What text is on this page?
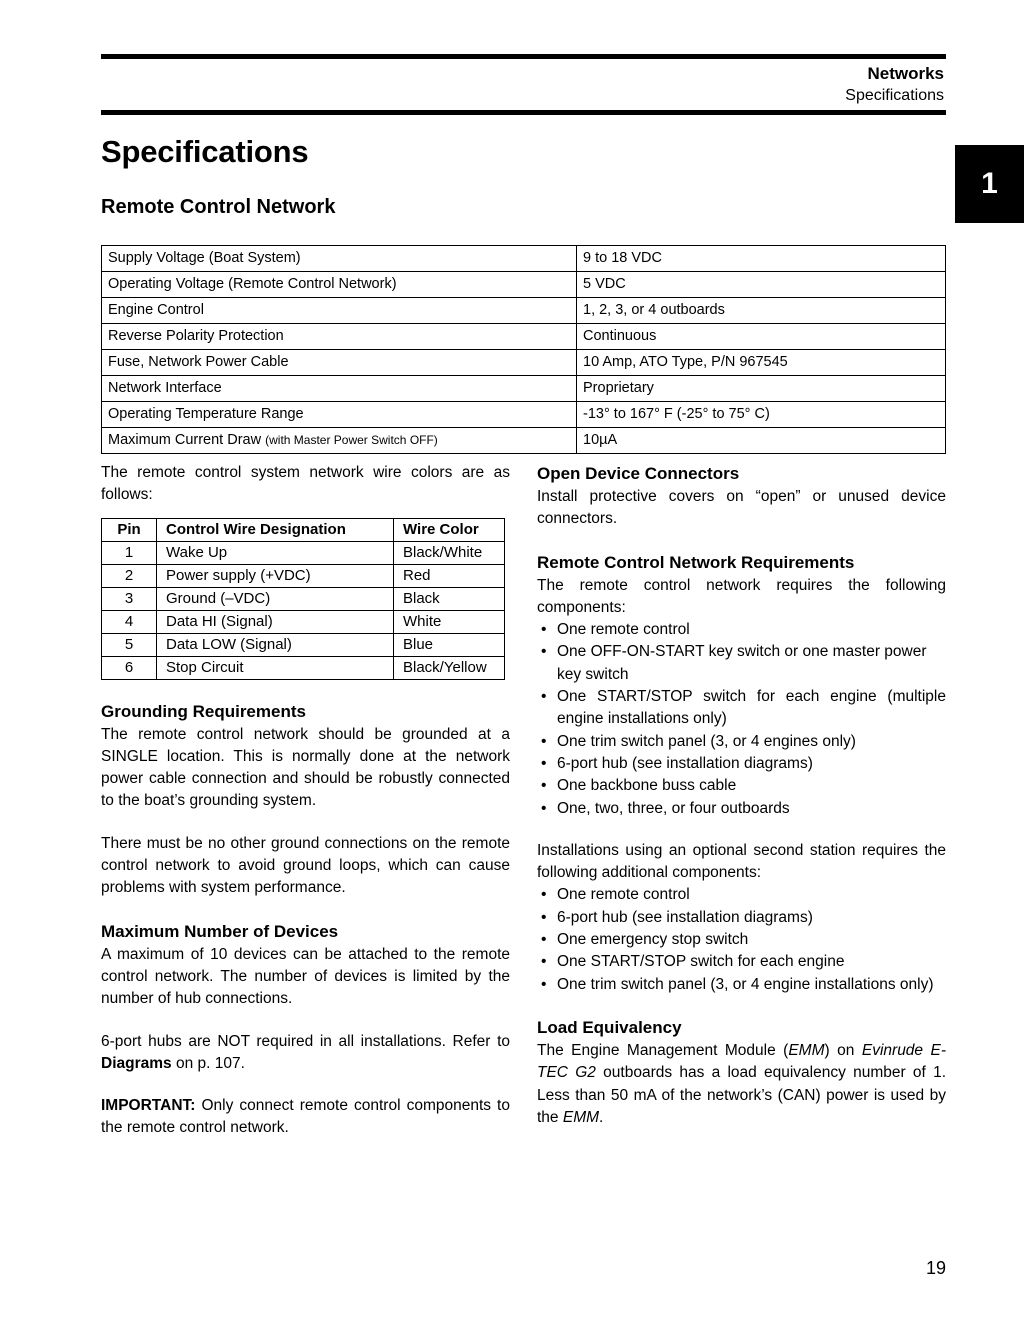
Networks
Specifications
1
Specifications
Remote Control Network
Supply Voltage (Boat System)	9 to 18 VDC
Operating Voltage (Remote Control Network)	5 VDC
Engine Control	1, 2, 3, or 4 outboards
Reverse Polarity Protection	Continuous
Fuse, Network Power Cable	10 Amp, ATO Type, P/N 967545
Network Interface	Proprietary
Operating Temperature Range	-13° to 167° F (-25° to 75° C)
Maximum Current Draw (with Master Power Switch OFF)	10µA

The remote control system network wire colors are as follows:

Pin	Control Wire Designation	Wire Color
1	Wake Up	Black/White
2	Power supply (+VDC)	Red
3	Ground (–VDC)	Black
4	Data HI (Signal)	White
5	Data LOW (Signal)	Blue
6	Stop Circuit	Black/Yellow
Grounding Requirements

The remote control network should be grounded at a SINGLE location. This is normally done at the network power cable connection and should be robustly connected to the boat’s grounding system.

There must be no other ground connections on the remote control network to avoid ground loops, which can cause problems with system performance.

Maximum Number of Devices

A maximum of 10 devices can be attached to the remote control network. The number of devices is limited by the number of hub connections.

6-port hubs are NOT required in all installations. Refer to Diagrams on p. 107.

IMPORTANT: Only connect remote control components to the remote control network.

Open Device Connectors

Install protective covers on “open” or unused device connectors.

Remote Control Network Requirements

The remote control network requires the following components:

• One remote control
• One OFF-ON-START key switch or one master power key switch
• One START/STOP switch for each engine (multiple engine installations only)
• One trim switch panel (3, or 4 engines only)
• 6-port hub (see installation diagrams)
• One backbone buss cable
• One, two, three, or four outboards

Installations using an optional second station requires the following additional components:

• One remote control
• 6-port hub (see installation diagrams)
• One emergency stop switch
• One START/STOP switch for each engine
• One trim switch panel (3, or 4 engine installations only)
Load Equivalency

The Engine Management Module (EMM) on Evinrude E-TEC G2 outboards has a load equivalency number of 1. Less than 50 mA of the network’s (CAN) power is used by the EMM.

19
